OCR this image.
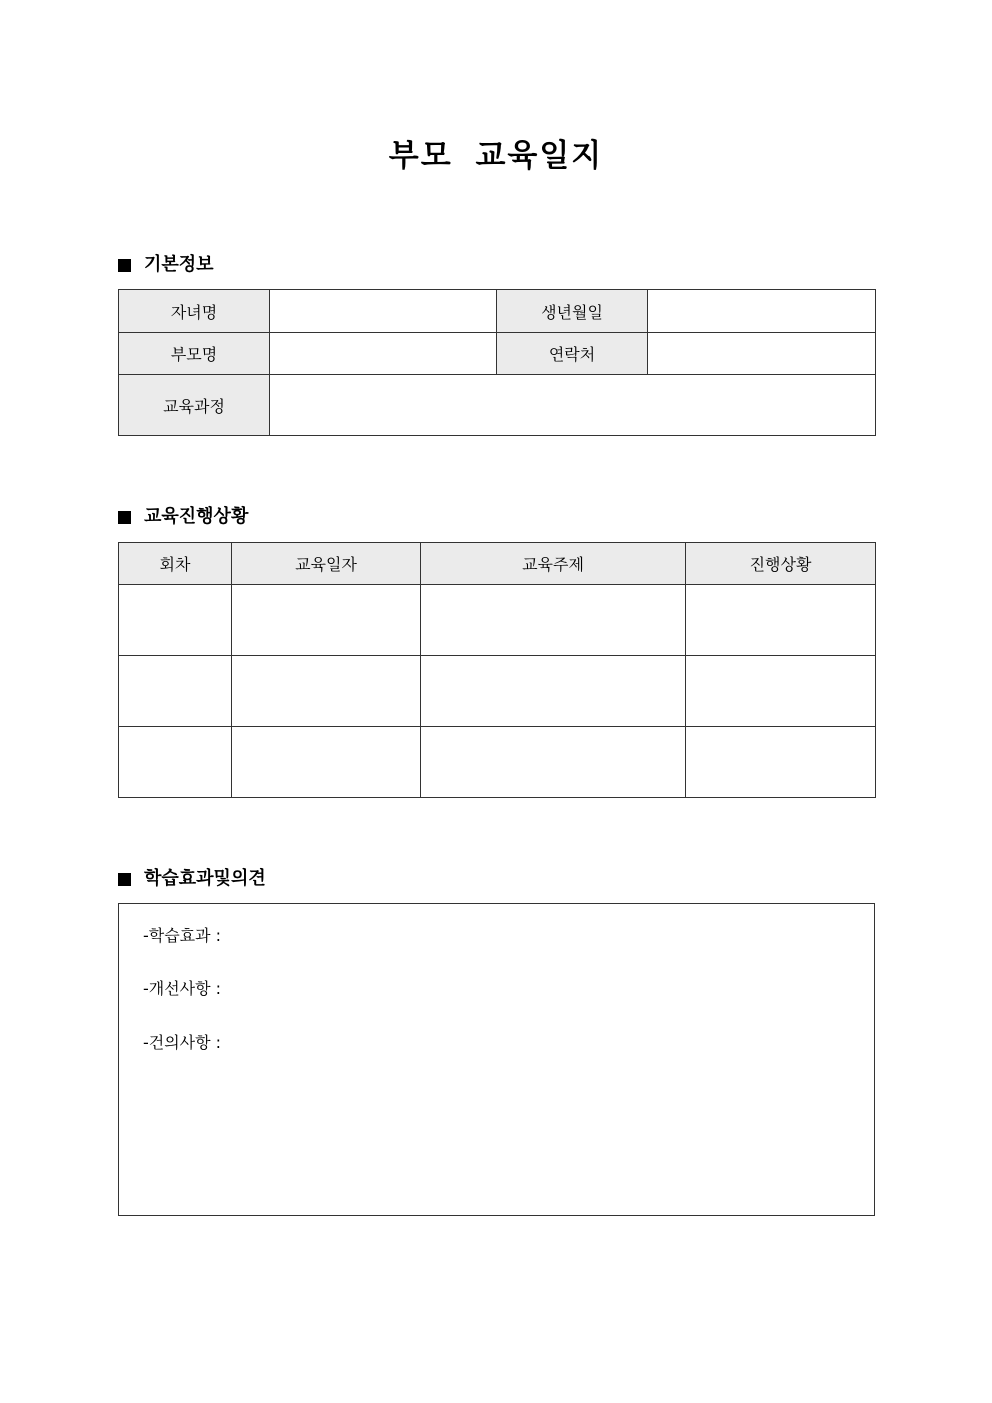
부모 교육일지
기본정보
자녀명		생년월일	
부모명		연락처	
교육과정			
교육진행상황
회차	교육일자	교육주제	진행상황

학습효과및의견
-학습효과 :
-개선사항 :
-건의사항 :
